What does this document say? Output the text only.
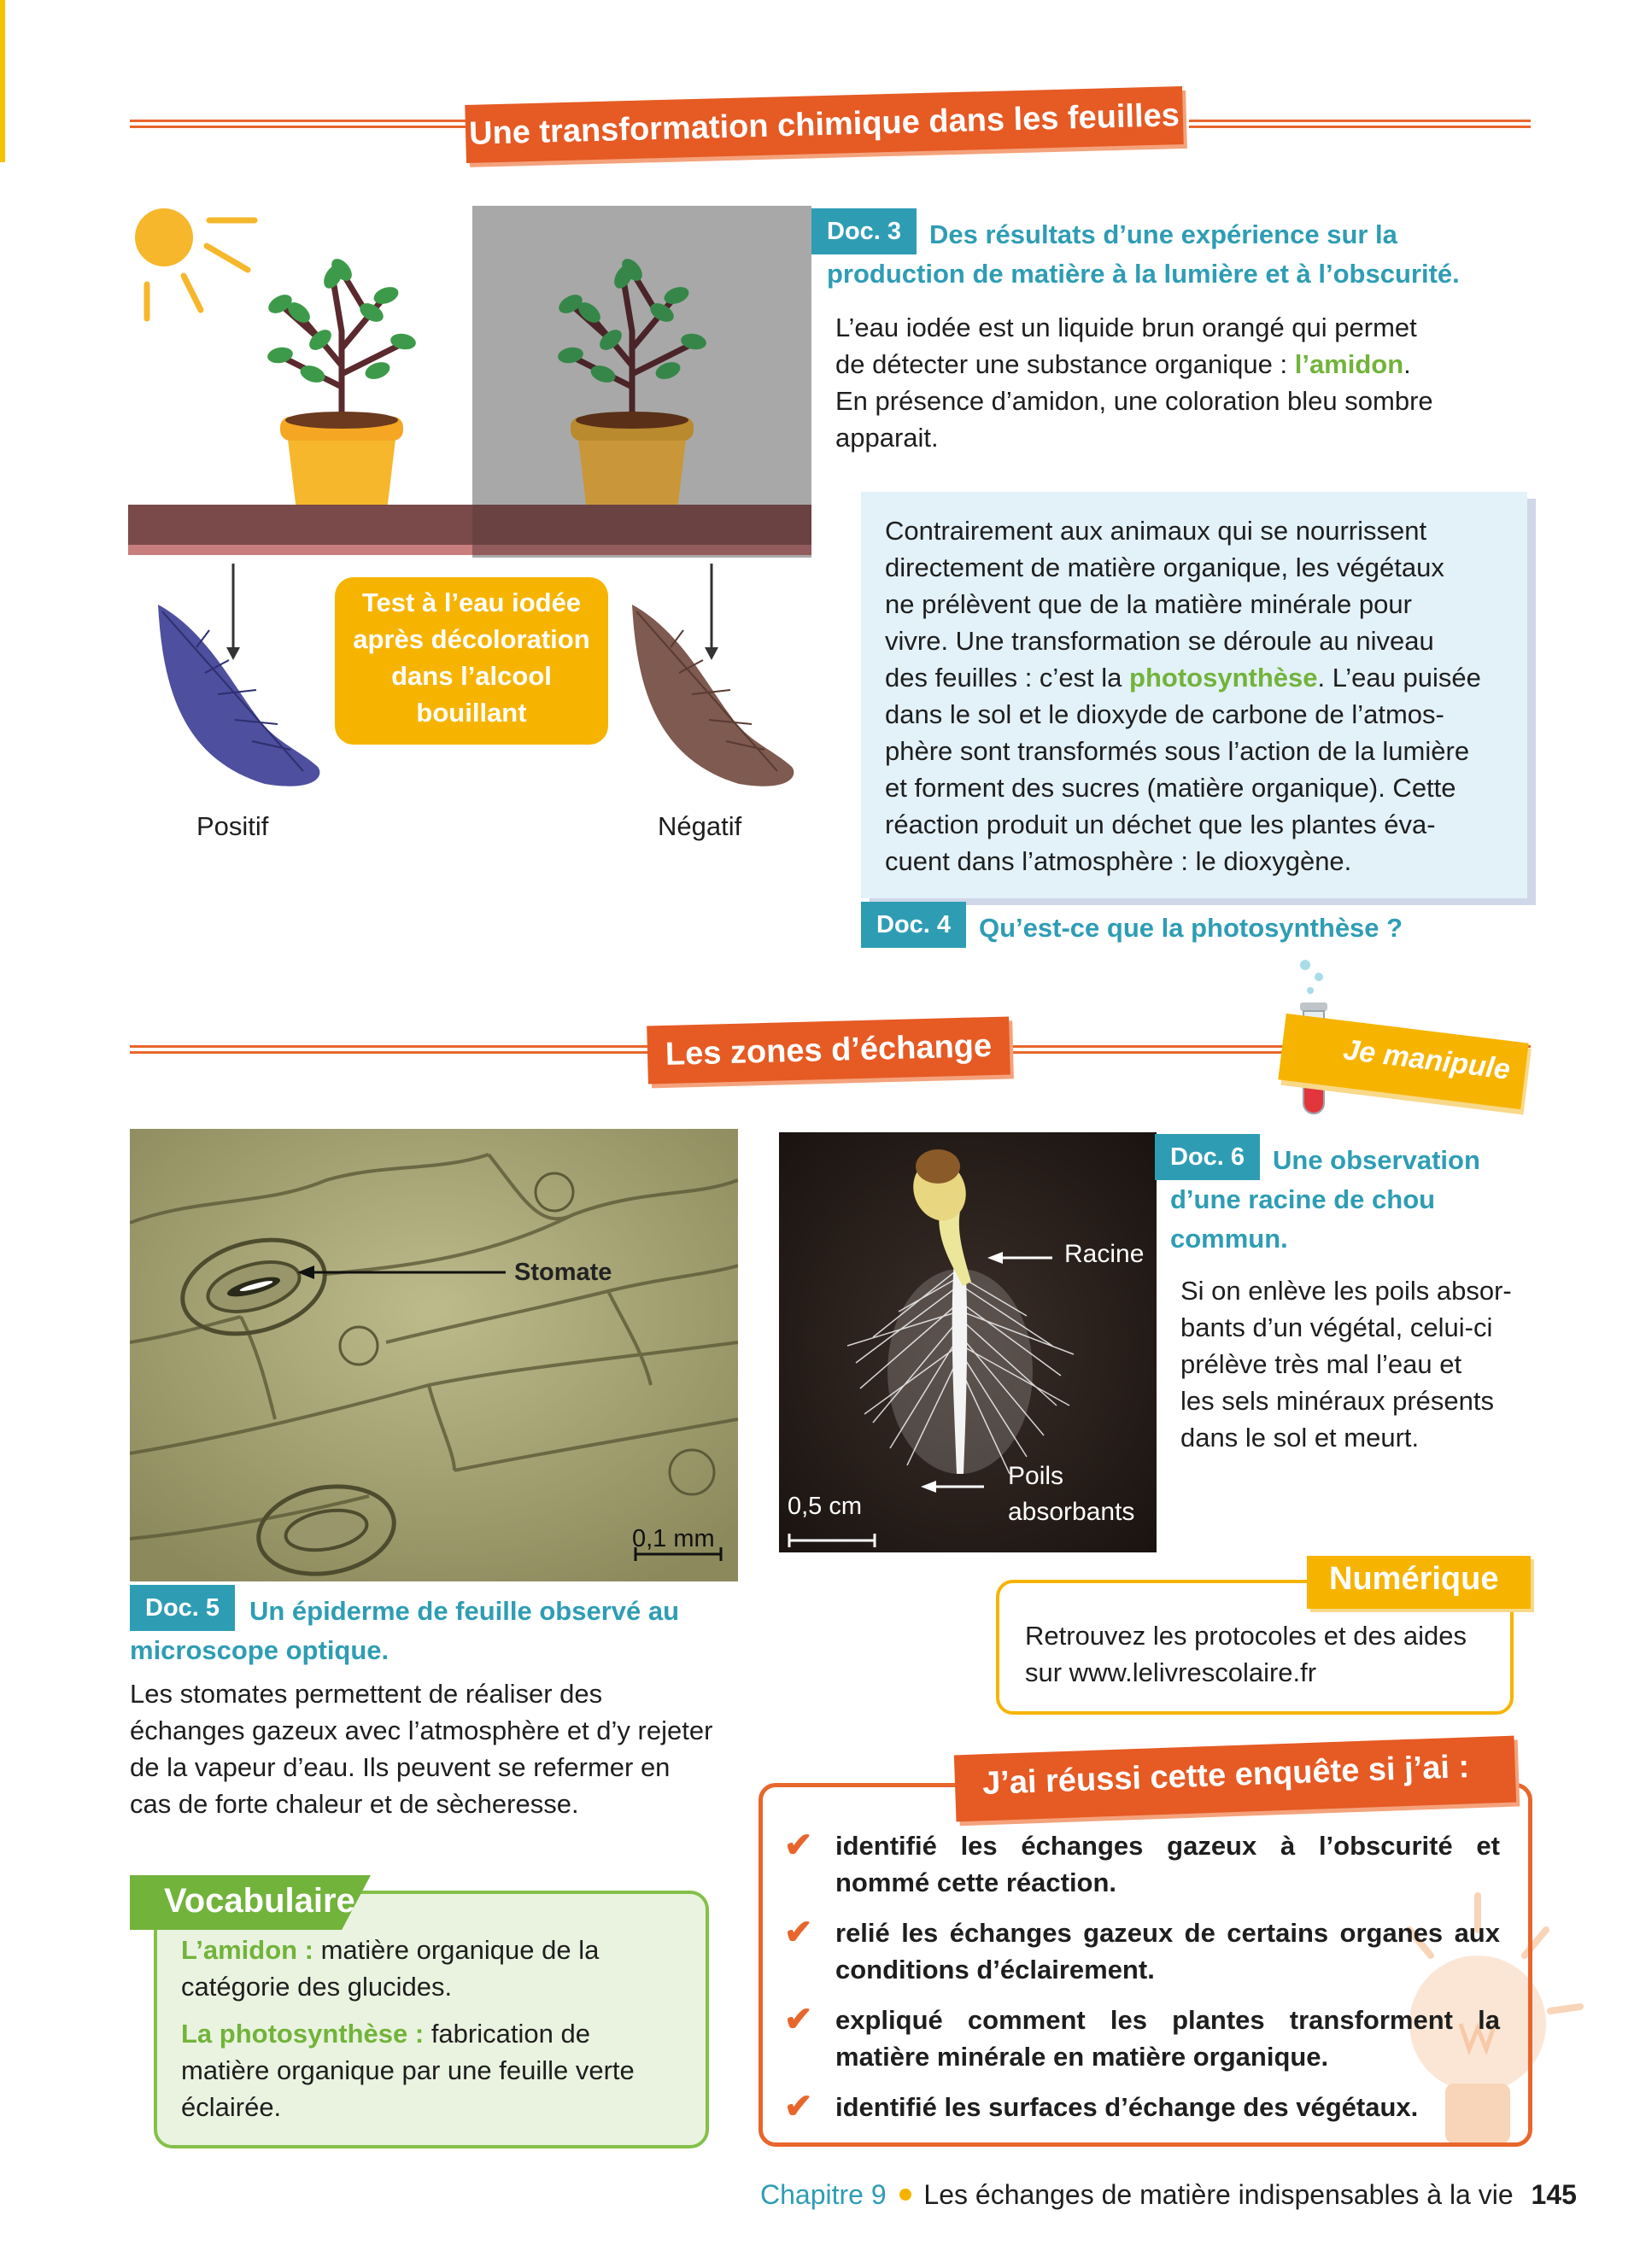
Une transformation chimique dans les feuilles
Test à l’eau iodée
après décoloration
dans l’alcool
bouillant
Positif	Négatif
Doc. 3	Des résultats d’une expérience sur la
production de matière à la lumière et à l’obscurité.
L’eau iodée est un liquide brun orangé qui permet
de détecter une substance organique : l’amidon.
En présence d’amidon, une coloration bleu sombre
apparait.
Contrairement aux animaux qui se nourrissent
directement de matière organique, les végétaux
ne prélèvent que de la matière minérale pour
vivre. Une transformation se déroule au niveau
des feuilles : c’est la photosynthèse. L’eau puisée
dans le sol et le dioxyde de carbone de l’atmos-
phère sont transformés sous l’action de la lumière
et forment des sucres (matière organique). Cette
réaction produit un déchet que les plantes éva-
cuent dans l’atmosphère : le dioxygène.
Doc. 4	Qu’est-ce que la photosynthèse ?
Les zones d’échange	Je manipule
Stomate
0,1 mm
Doc. 5	Un épiderme de feuille observé au
microscope optique.
Les stomates permettent de réaliser des
échanges gazeux avec l’atmosphère et d’y rejeter
de la vapeur d’eau. Ils peuvent se refermer en
cas de forte chaleur et de sècheresse.
Racine
Poils
absorbants
0,5 cm
Doc. 6	Une observation
d’une racine de chou
commun.
Si on enlève les poils absor-
bants d’un végétal, celui-ci
prélève très mal l’eau et
les sels minéraux présents
dans le sol et meurt.
Numérique
Retrouvez les protocoles et des aides
sur www.lelivrescolaire.fr
Vocabulaire
L’amidon : matière organique de la
catégorie des glucides.
La photosynthèse : fabrication de
matière organique par une feuille verte
éclairée.
J’ai réussi cette enquête si j’ai :
✔ identifié les échanges gazeux à l’obscurité et nommé cette réaction.
✔ relié les échanges gazeux de certains organes aux conditions d’éclairement.
✔ expliqué comment les plantes transforment la matière minérale en matière organique.
✔ identifié les surfaces d’échange des végétaux.
Chapitre 9 Les échanges de matière indispensables à la vie 145
